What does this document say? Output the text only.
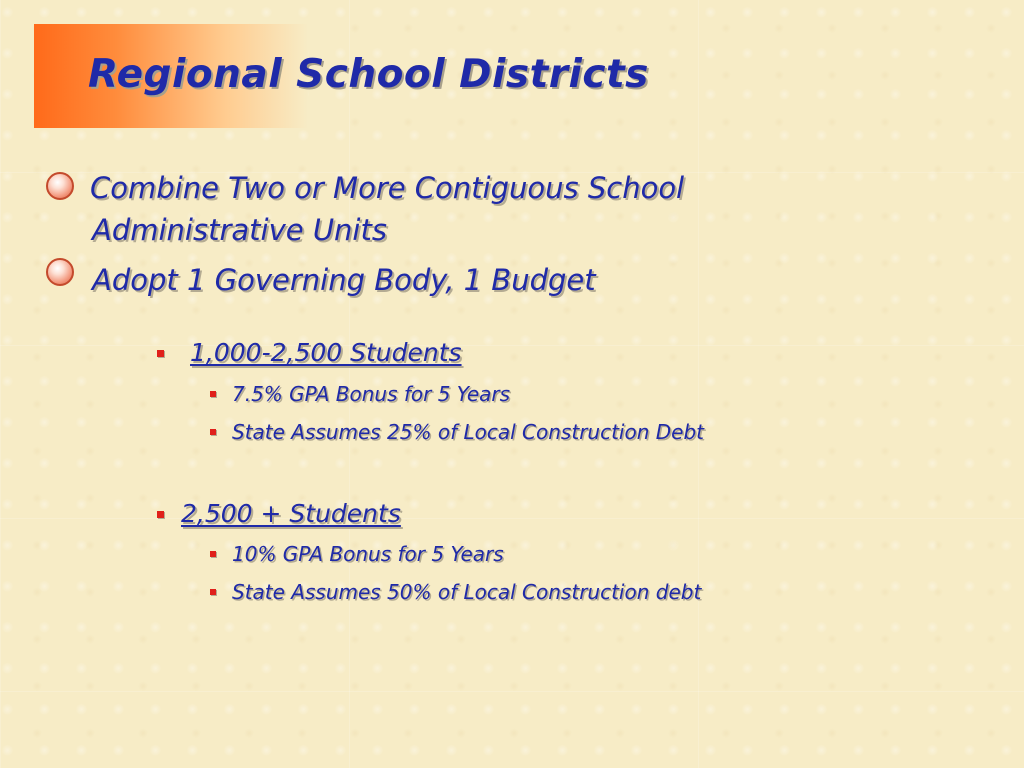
Regional School Districts

Combine Two or More Contiguous School

Administrative Units

Adopt 1 Governing Body, 1 Budget

1,000-2,500 Students

7.5% GPA Bonus for 5 Years

State Assumes 25% of Local Construction Debt

2,500 + Students

10% GPA Bonus for 5 Years

State Assumes 50% of Local Construction debt
